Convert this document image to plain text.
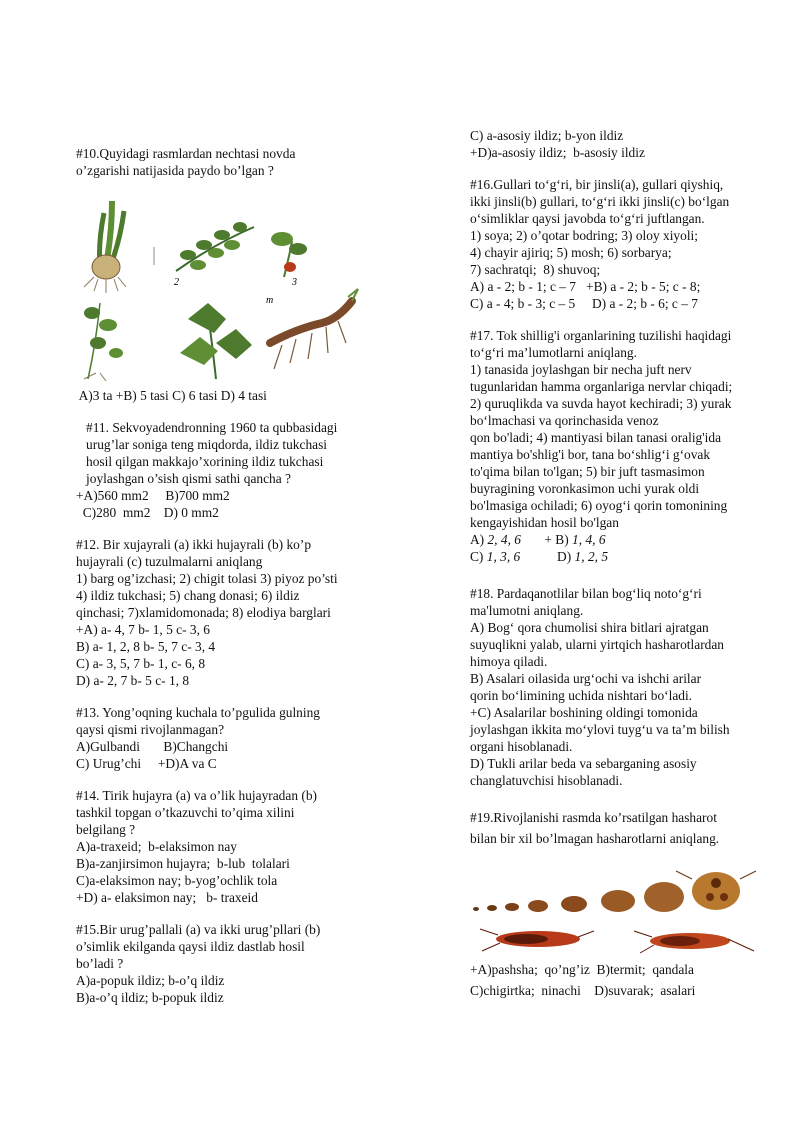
#10.Quyidagi rasmlardan nechtasi novda
o’zgarishi natijasida paydo bo’lgan ?
2	3
m
A)3 ta +B) 5 tasi C) 6 tasi D) 4 tasi
#11. Sekvoyadendronning 1960 ta qubbasidagi
urug’lar soniga teng miqdorda, ildiz tukchasi
hosil qilgan makkajo’xorining ildiz tukchasi
joylashgan o’sish qismi sathi qancha ?
+A)560 mm2     B)700 mm2
C)280  mm2    D) 0 mm2
#12. Bir xujayrali (a) ikki hujayrali (b) ko’p
hujayrali (c) tuzulmalarni aniqlang
1) barg og’izchasi; 2) chigit tolasi 3) piyoz po’sti
4) ildiz tukchasi; 5) chang donasi; 6) ildiz
qinchasi; 7)xlamidomonada; 8) elodiya barglari
+A) a- 4, 7 b- 1, 5 c- 3, 6
B) a- 1, 2, 8 b- 5, 7 c- 3, 4
C) a- 3, 5, 7 b- 1, c- 6, 8
D) a- 2, 7 b- 5 c- 1, 8
#13. Yong’oqning kuchala to’pgulida gulning
qaysi qismi rivojlanmagan?
A)Gulbandi       B)Changchi
C) Urug’chi     +D)A va C
#14. Tirik hujayra (a) va o’lik hujayradan (b)
tashkil topgan o’tkazuvchi to’qima xilini
belgilang ?
A)a-traxeid;  b-elaksimon nay
B)a-zanjirsimon hujayra;  b-lub  tolalari
C)a-elaksimon nay; b-yog’ochlik tola
+D) a- elaksimon nay;   b- traxeid
#15.Bir urug’pallali (a) va ikki urug’pllari (b)
o’simlik ekilganda qaysi ildiz dastlab hosil
bo’ladi ?
A)a-popuk ildiz; b-o’q ildiz
B)a-o’q ildiz; b-popuk ildiz
C) a-asosiy ildiz; b-yon ildiz
+D)a-asosiy ildiz;  b-asosiy ildiz
#16.Gullari to‘g‘ri, bir jinsli(a), gullari qiyshiq,
ikki jinsli(b) gullari, to‘g‘ri ikki jinsli(c) bo‘lgan
o‘simliklar qaysi javobda to‘g‘ri juftlangan.
1) soya; 2) o’qotar bodring; 3) oloy xiyoli;
4) chayir ajiriq; 5) mosh; 6) sorbarya;
7) sachratqi;  8) shuvoq;
A) a - 2; b - 1; c – 7   +B) a - 2; b - 5; c - 8;
C) a - 4; b - 3; c – 5     D) a - 2; b - 6; c – 7
#17. Tok shillig'i organlarining tuzilishi haqidagi
to‘g‘ri ma’lumotlarni aniqlang.
1) tanasida joylashgan bir necha juft nerv
tugunlaridan hamma organlariga nervlar chiqadi;
2) quruqlikda va suvda hayot kechiradi; 3) yurak
bo‘lmachasi va qorinchasida venoz
qon bo'ladi; 4) mantiyasi bilan tanasi oralig'ida
mantiya bo'shlig'i bor, tana bo‘shlig‘i g‘ovak
to'qima bilan to'lgan; 5) bir juft tasmasimon
buyragining voronkasimon uchi yurak oldi
bo'lmasiga ochiladi; 6) oyog‘i qorin tomonining
kengayishidan hosil bo'lgan
A) 2, 4, 6       + B) 1, 4, 6
C) 1, 3, 6           D) 1, 2, 5
#18. Pardaqanotlilar bilan bog‘liq noto‘g‘ri
ma'lumotni aniqlang.
A) Bog‘ qora chumolisi shira bitlari ajratgan
suyuqlikni yalab, ularni yirtqich hasharotlardan
himoya qiladi.
B) Asalari oilasida urg‘ochi va ishchi arilar
qorin bo‘limining uchida nishtari bo‘ladi.
+C) Asalarilar boshining oldingi tomonida
joylashgan ikkita mo‘ylovi tuyg‘u va ta’m bilish
organi hisoblanadi.
D) Tukli arilar beda va sebarganing asosiy
changlatuvchisi hisoblanadi.
#19.Rivojlanishi rasmda ko’rsatilgan hasharot
bilan bir xil bo’lmagan hasharotlarni aniqlang.
+A)pashsha;  qo’ng’iz  B)termit;  qandala
C)chigirtka;  ninachi    D)suvarak;  asalari
